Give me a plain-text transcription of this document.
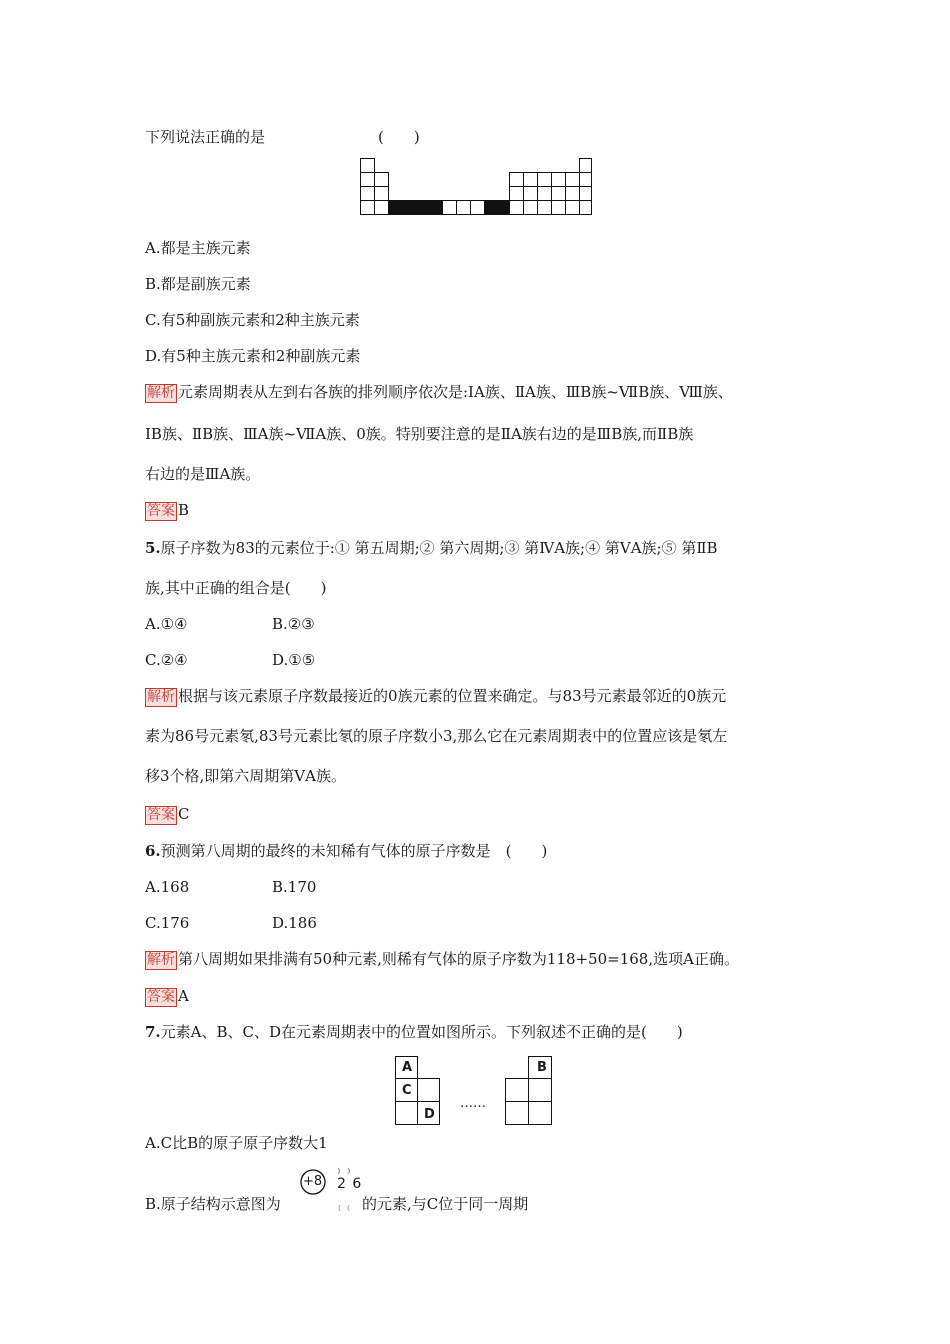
下列说法正确的是	(　　)
A.都是主族元素
B.都是副族元素
C.有5种副族元素和2种主族元素
D.有5种主族元素和2种副族元素
解析 元素周期表从左到右各族的排列顺序依次是:ⅠA族、ⅡA族、ⅢB族~ⅦB族、Ⅷ族、
ⅠB族、ⅡB族、ⅢA族~ⅦA族、0族。特别要注意的是ⅡA族右边的是ⅢB族,而ⅡB族
右边的是ⅢA族。
答案 B
5.原子序数为83的元素位于:① 第五周期;② 第六周期;③ 第ⅣA族;④ 第ⅤA族;⑤ 第ⅡB
族,其中正确的组合是(　　)
A.①④	B.②③
C.②④	D.①⑤
解析 根据与该元素原子序数最接近的0族元素的位置来确定。与83号元素最邻近的0族元
素为86号元素氡,83号元素比氡的原子序数小3,那么它在元素周期表中的位置应该是氡左
移3个格,即第六周期第ⅤA族。
答案 C
6.预测第八周期的最终的未知稀有气体的原子序数是　(　　)
A.168	B.170
C.176	D.186
解析 第八周期如果排满有50种元素,则稀有气体的原子序数为118+50=168,选项A正确。
答案 A
7.元素A、B、C、D在元素周期表中的位置如图所示。下列叙述不正确的是(　　)
A
C
D
B
……
A.C比B的原子原子序数大1
B.原子结构示意图为
+8 2 6
的元素,与C位于同一周期
